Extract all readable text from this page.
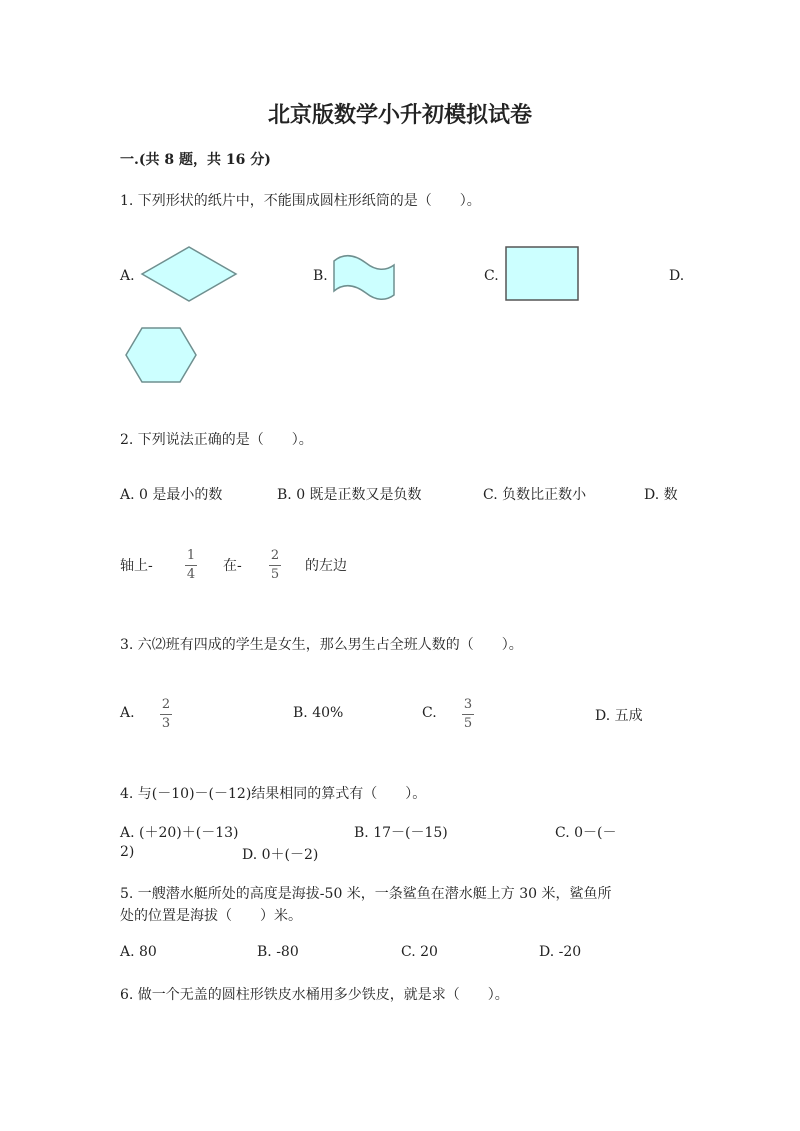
北京版数学小升初模拟试卷
一.(共 8 题，共 16 分)
1. 下列形状的纸片中，不能围成圆柱形纸筒的是（　　）。
A.	B.	C.	D.
2. 下列说法正确的是（　　）。
A. 0 是最小的数	B. 0 既是正数又是负数	C. 负数比正数小	D. 数
轴上-
1
4
在-
2
5
的左边
3. 六⑵班有四成的学生是女生，那么男生占全班人数的（　　）。
A.
2
3
B. 40%	C.
3
5	D. 五成
4. 与(－10)－(－12)结果相同的算式有（　　）。
A. (＋20)＋(－13)	B. 17－(－15)	C. 0－(－
2)	D. 0＋(－2)
5. 一艘潜水艇所处的高度是海拔-50 米，一条鲨鱼在潜水艇上方 30 米，鲨鱼所
处的位置是海拔（　　）米。
A. 80	B. -80	C. 20	D. -20
6. 做一个无盖的圆柱形铁皮水桶用多少铁皮，就是求（　　）。
